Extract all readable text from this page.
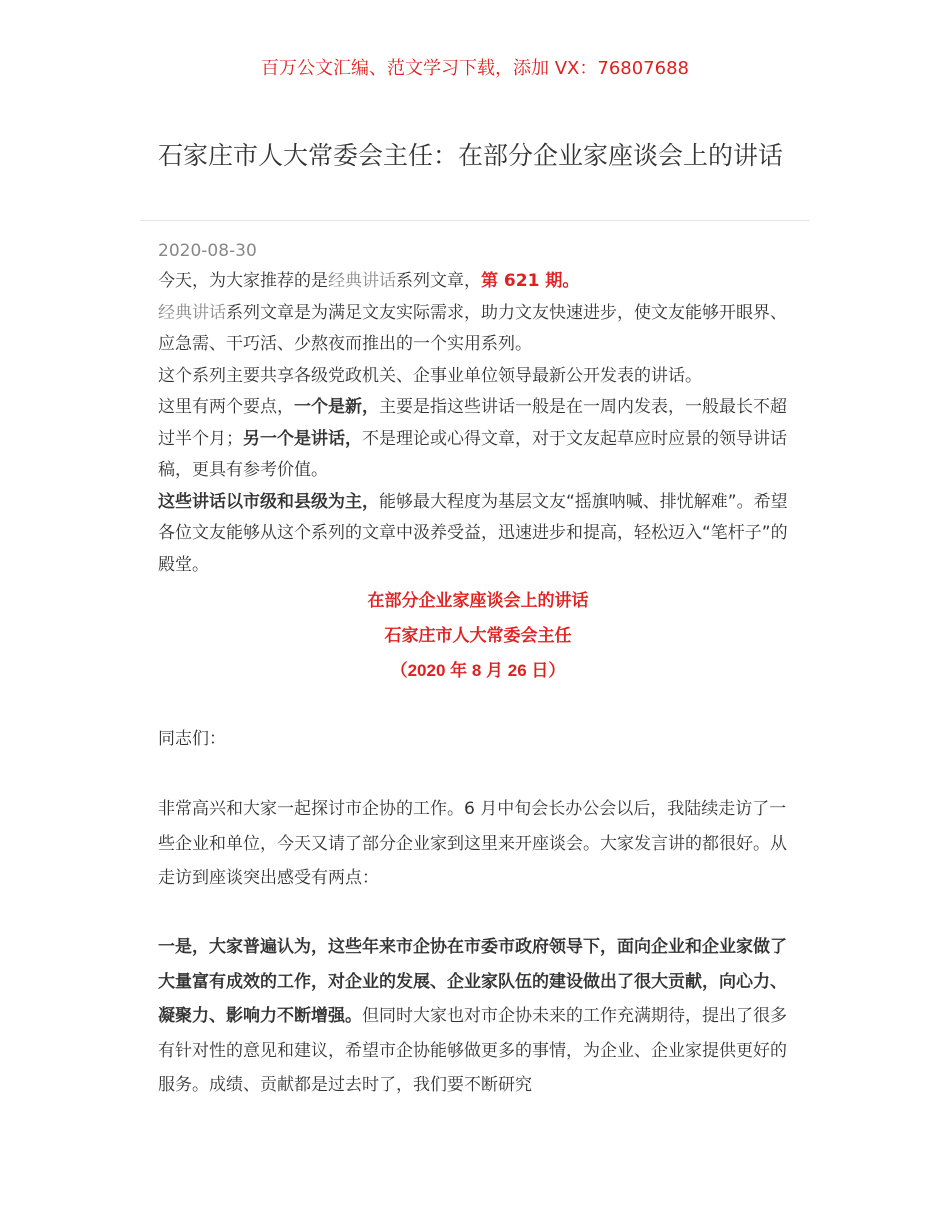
百万公文汇编、范文学习下载，添加 VX：76807688
石家庄市人大常委会主任：在部分企业家座谈会上的讲话
2020-08-30

今天，为大家推荐的是经典讲话系列文章，第 621 期。

经典讲话系列文章是为满足文友实际需求，助力文友快速进步，使文友能够开眼界、应急需、干巧活、少熬夜而推出的一个实用系列。

这个系列主要共享各级党政机关、企事业单位领导最新公开发表的讲话。

这里有两个要点，一个是新，主要是指这些讲话一般是在一周内发表，一般最长不超过半个月；另一个是讲话，不是理论或心得文章，对于文友起草应时应景的领导讲话稿，更具有参考价值。

这些讲话以市级和县级为主，能够最大程度为基层文友“摇旗呐喊、排忧解难”。希望各位文友能够从这个系列的文章中汲养受益，迅速进步和提高，轻松迈入“笔杆子”的殿堂。

在部分企业家座谈会上的讲话

石家庄市人大常委会主任

（2020 年 8 月 26 日）

同志们：

非常高兴和大家一起探讨市企协的工作。6 月中旬会长办公会以后，我陆续走访了一些企业和单位，今天又请了部分企业家到这里来开座谈会。大家发言讲的都很好。从走访到座谈突出感受有两点：

一是，大家普遍认为，这些年来市企协在市委市政府领导下，面向企业和企业家做了大量富有成效的工作，对企业的发展、企业家队伍的建设做出了很大贡献，向心力、凝聚力、影响力不断增强。但同时大家也对市企协未来的工作充满期待，提出了很多有针对性的意见和建议，希望市企协能够做更多的事情，为企业、企业家提供更好的服务。成绩、贡献都是过去时了，我们要不断研究
